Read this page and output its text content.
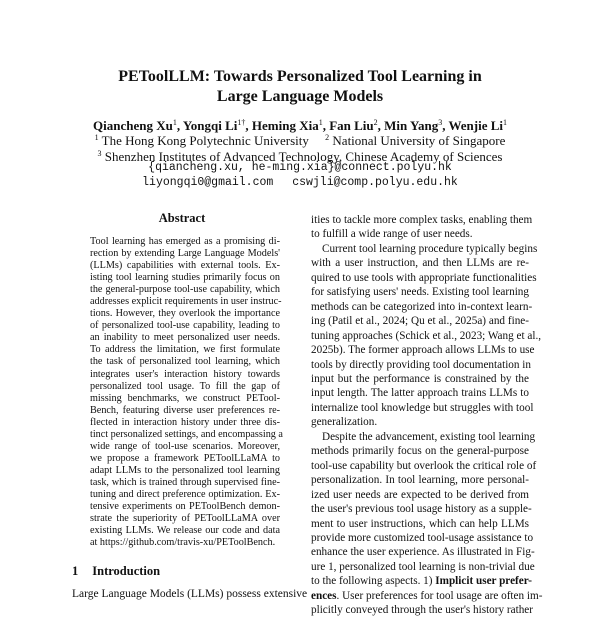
PEToolLLM: Towards Personalized Tool Learning in
Large Language Models
Qiancheng Xu$^1$, Yongqi $Li^{1\dagger}$, Heming Xia$^1$, Fan Liu$^2$, Min Yang$^3$, Wenjie Li$^1$
$^1$ The Hong Kong Polytechnic University $^2$ National University of Singapore
$^3$ Shenzhen Institutes of Advanced Technology, Chinese Academy of Sciences
{qiancheng.xu, he-ming.xia}@connect.polyu.hk
liyongqi0@gmail.com cswjli@comp.polyu.edu.hk
Abstract
Tool learning has emerged as a promising di-
rection by extending Large Language Models'
(LLMs) capabilities with external tools. Ex-
isting tool learning studies primarily focus on
the general-purpose tool-use capability, which
addresses explicit requirements in user instruc-
tions. However, they overlook the importance
of personalized tool-use capability, leading to
an inability to meet personalized user needs.
To address the limitation, we first formulate
the task of personalized tool learning, which
integrates user's interaction history towards
personalized tool usage. To fill the gap of
missing benchmarks, we construct PETool-
Bench, featuring diverse user preferences re-
flected in interaction history under three dis-
tinct personalized settings, and encompassing a
wide range of tool-use scenarios. Moreover,
we propose a framework PEToolLLaMA to
adapt LLMs to the personalized tool learning
task, which is trained through supervised fine-
tuning and direct preference optimization. Ex-
tensive experiments on PEToolBench demon-
strate the superiority of PEToolLLaMA over
existing LLMs. We release our code and data
at https://github.com/travis-xu/PEToolBench.
1 Introduction
Large Language Models (LLMs) possess extensive
ities to tackle more complex tasks, enabling them
to fulfill a wide range of user needs.
Current tool learning procedure typically begins
with a user instruction, and then LLMs are re-
quired to use tools with appropriate functionalities
for satisfying users' needs. Existing tool learning
methods can be categorized into in-context learn-
ing (Patil et al., 2024; Qu et al., 2025a) and fine-
tuning approaches (Schick et al., 2023; Wang et al.,
2025b). The former approach allows LLMs to use
tools by directly providing tool documentation in
input but the performance is constrained by the
input length. The latter approach trains LLMs to
internalize tool knowledge but struggles with tool
generalization.
Despite the advancement, existing tool learning
methods primarily focus on the general-purpose
tool-use capability but overlook the critical role of
personalization. In tool learning, more personal-
ized user needs are expected to be derived from
the user's previous tool usage history as a supple-
ment to user instructions, which can help LLMs
provide more customized tool-usage assistance to
enhance the user experience. As illustrated in Fig-
ure 1, personalized tool learning is non-trivial due
to the following aspects. 1) Implicit user prefer-
ences. User preferences for tool usage are often im-
plicitly conveyed through the user's history rather
